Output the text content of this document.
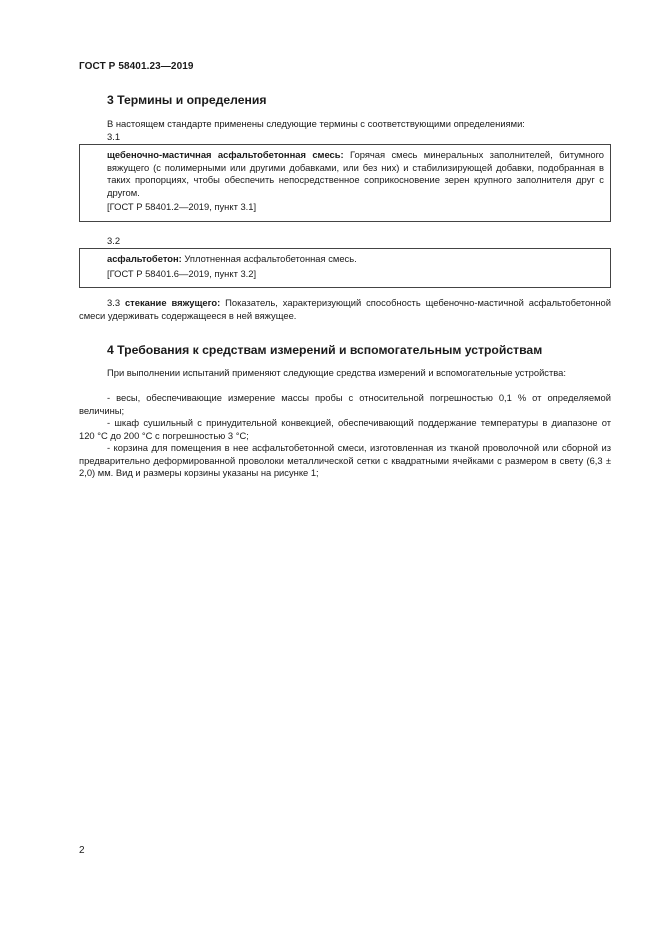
ГОСТ Р 58401.23—2019
3 Термины и определения
В настоящем стандарте применены следующие термины с соответствующими определениями:
3.1
щебеночно-мастичная асфальтобетонная смесь: Горячая смесь минеральных заполнителей, битумного вяжущего (с полимерными или другими добавками, или без них) и стабилизирующей добавки, подобранная в таких пропорциях, чтобы обеспечить непосредственное соприкосновение зерен крупного заполнителя друг с другом.
[ГОСТ Р 58401.2—2019, пункт 3.1]
3.2
асфальтобетон: Уплотненная асфальтобетонная смесь.
[ГОСТ Р 58401.6—2019, пункт 3.2]
3.3 стекание вяжущего: Показатель, характеризующий способность щебеночно-мастичной асфальтобетонной смеси удерживать содержащееся в ней вяжущее.
4 Требования к средствам измерений и вспомогательным устройствам
При выполнении испытаний применяют следующие средства измерений и вспомогательные устройства:
- весы, обеспечивающие измерение массы пробы с относительной погрешностью 0,1 % от определяемой величины;
- шкаф сушильный с принудительной конвекцией, обеспечивающий поддержание температуры в диапазоне от 120 °С до 200 °С с погрешностью 3 °С;
- корзина для помещения в нее асфальтобетонной смеси, изготовленная из тканой проволочной или сборной из предварительно деформированной проволоки металлической сетки с квадратными ячейками с размером в свету (6,3 ± 2,0) мм. Вид и размеры корзины указаны на рисунке 1;
2
